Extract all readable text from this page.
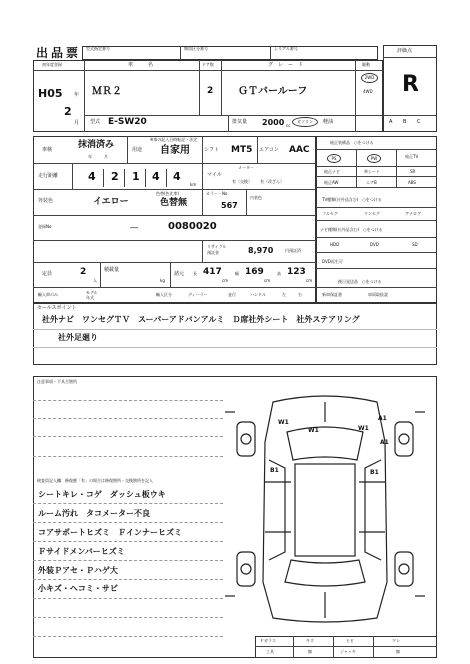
出品票 型式指定番号	類別区分番号	シリアル番号	評価点
R
初年度登録
H05 年
2
月
車　　　名
ＭＲ２
ドア数
2
グ　レ　ー　ド
ＧＴバールーフ
駆動
2WD
4WD
型式 E-SW20	排気量 2000 cc
ガソリン	軽油	A B C
車検	抹消済み
年　　　月
用途
※車の記入日時転記・法定
自家用	シフト MT5 エアコン AAC
走行距離	4 2 1 4 4
km
マイル
メーター
有（交換） 有（改ざん）
外装色	イエロー
色替(色比率)
色替無
カラー・No
567
内装色
登録No	―	0080020
リサイクル
預託金	8,970	円預託済
定員	2
人
積載量
kg
諸元 長 417
cm
幅 169
cm
高 123
cm
輸入車のみ	モデル
年式
輸入区分	ディーラー	並行	ハンドル	左	右
純正装備品　○をつける
PS	PW	純正TV
純正ナビ	革シート	SR
純正AW	エアB	ABS
TV種類(社外品含む)　○をつける
フルセグ	ワンセグ	アナログ
ナビ種類(社外品含む)　○をつける
HDD	DVD	SD
DVD再生可
後日発送品　○をつける
新車保証書	車両取扱説
セールスポイント
社外ナビ　ワンセグＴＶ　スーパーアドバンアルミ　Ｄ席社外シート　社外ステアリング
社外足廻り
注意事項・不具合箇所
検査員記入欄：修復歴「有」の場合は修復箇所・交換箇所を記入
シートキレ・コゲ　ダッシュ板ウキ
ルーム汚れ　タコメーター不良
コアサポートヒズミ　Ｆインナーヒズミ
Ｆサイドメンバーヒズミ
外装Ｐアセ・Ｐハゲ大
小キズ・ヘコミ・サビ
W1
W1
A1
B1	B1
A1
W1
Ｆガラス	キズ	ヒビ	ワレ
工具	無	ジャッキ	無
